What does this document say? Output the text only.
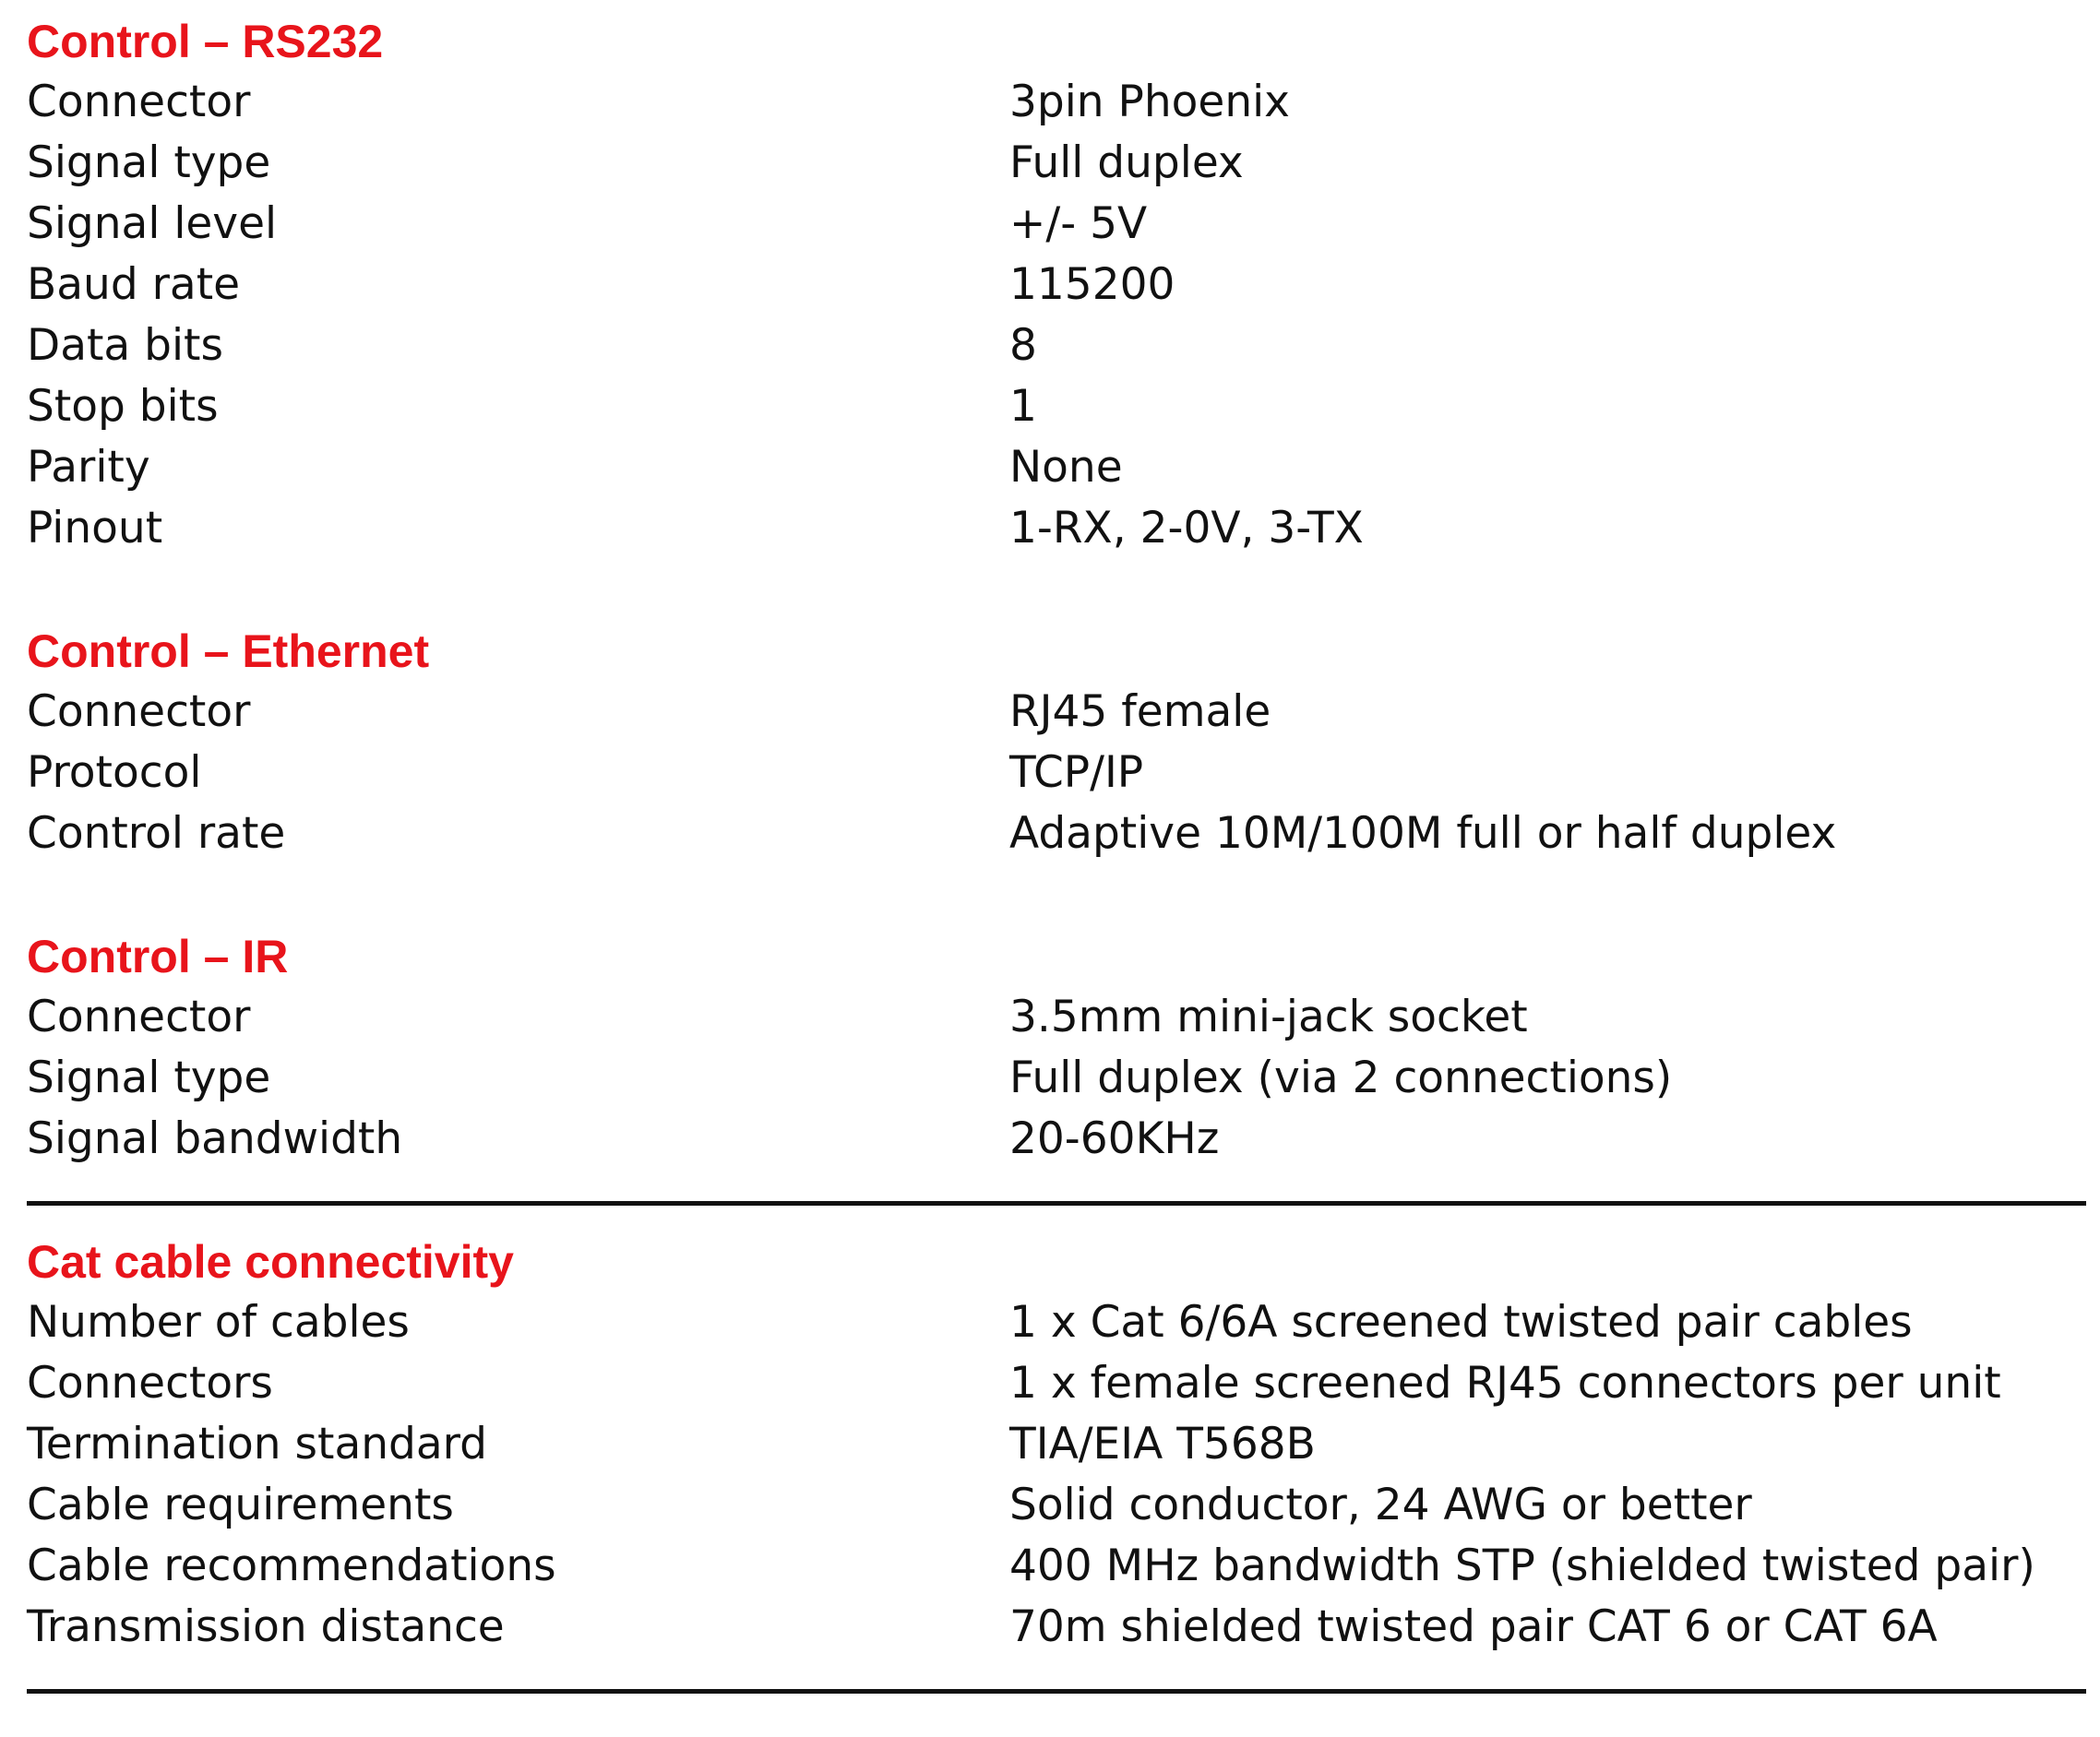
Control – RS232
Connector	3pin Phoenix
Signal type	Full duplex
Signal level	+/- 5V
Baud rate	115200
Data bits	8
Stop bits	1
Parity	None
Pinout	1-RX, 2-0V, 3-TX
Control – Ethernet
Connector	RJ45 female
Protocol	TCP/IP
Control rate	Adaptive 10M/100M full or half duplex
Control – IR
Connector	3.5mm mini-jack socket
Signal type	Full duplex (via 2 connections)
Signal bandwidth	20-60KHz
Cat cable connectivity
Number of cables	1 x Cat 6/6A screened twisted pair cables
Connectors	1 x female screened RJ45 connectors per unit
Termination standard	TIA/EIA T568B
Cable requirements	Solid conductor, 24 AWG or better
Cable recommendations	400 MHz bandwidth STP (shielded twisted pair)
Transmission distance	70m shielded twisted pair CAT 6 or CAT 6A
